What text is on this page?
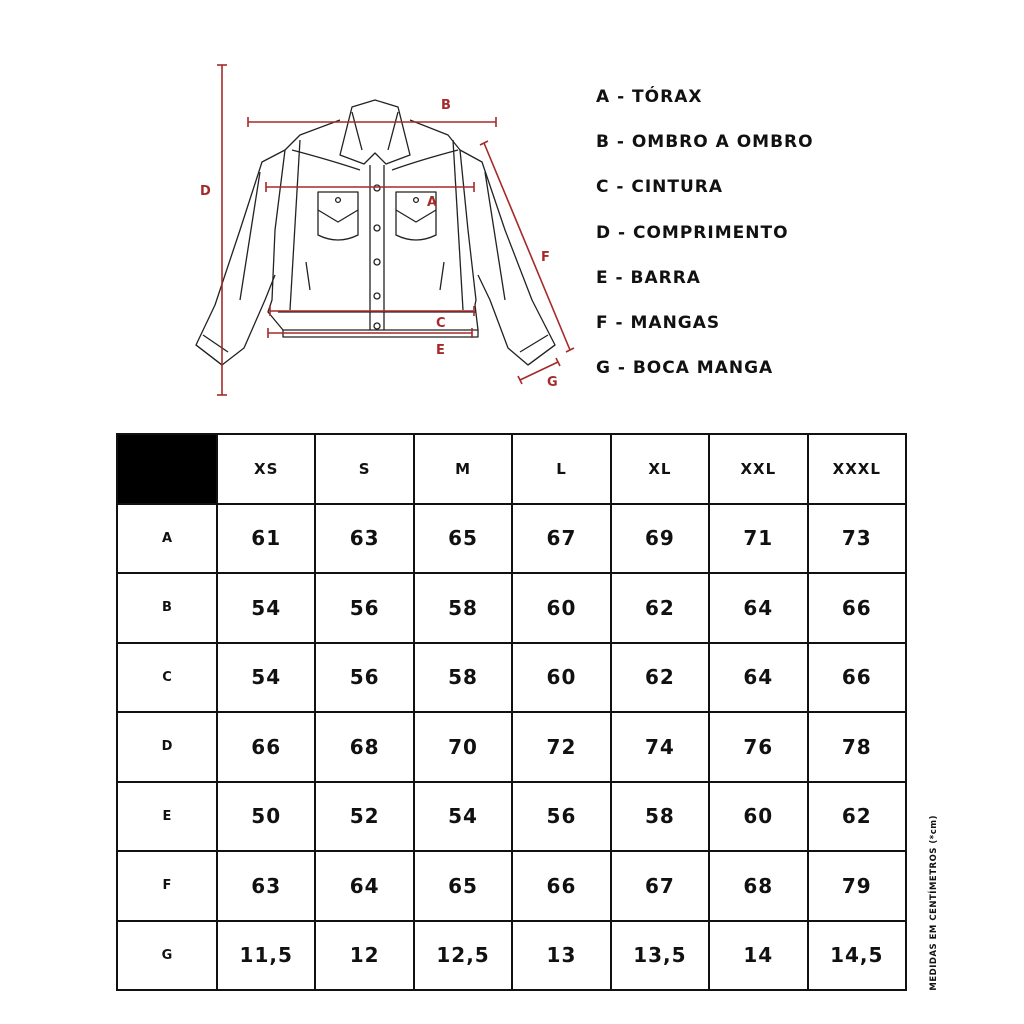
A
B
C
D
E
F
G
A - TÓRAX
B - OMBRO A OMBRO
C - CINTURA
D - COMPRIMENTO
E - BARRA
F - MANGAS
G - BOCA MANGA
	XS	S	M	L	XL	XXL	XXXL
A	61	63	65	67	69	71	73
B	54	56	58	60	62	64	66
C	54	56	58	60	62	64	66
D	66	68	70	72	74	76	78
E	50	52	54	56	58	60	62
F	63	64	65	66	67	68	79
G	11,5	12	12,5	13	13,5	14	14,5	MEDIDAS EM CENTÍMETROS (*cm)
